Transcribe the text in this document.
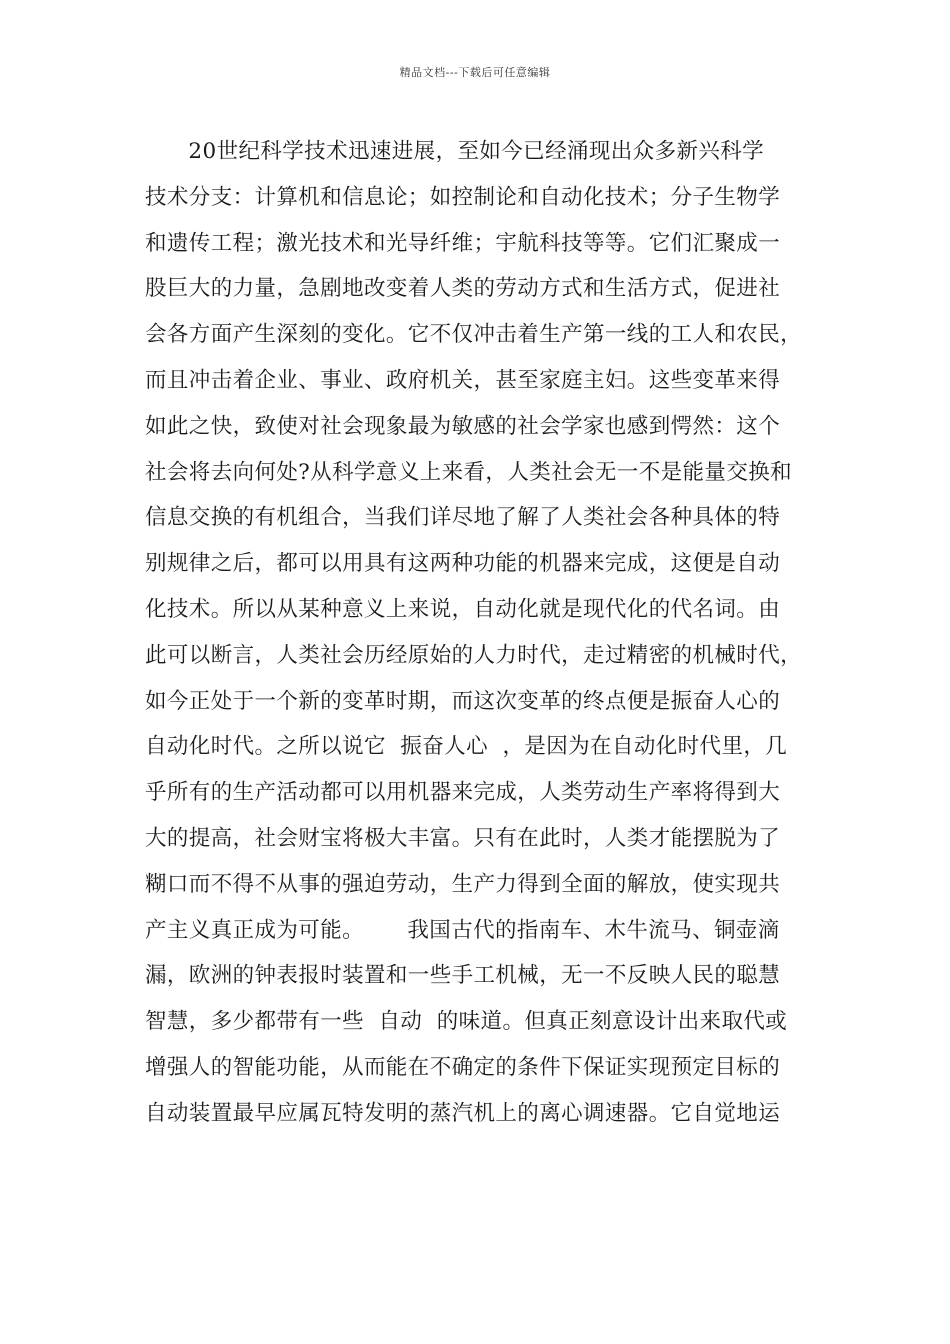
精品文档---下载后可任意编辑
20世纪科学技术迅速进展，至如今已经涌现出众多新兴科学
技术分支：计算机和信息论；如控制论和自动化技术；分子生物学
和遗传工程；激光技术和光导纤维；宇航科技等等。它们汇聚成一
股巨大的力量，急剧地改变着人类的劳动方式和生活方式，促进社
会各方面产生深刻的变化。它不仅冲击着生产第一线的工人和农民，
而且冲击着企业、事业、政府机关，甚至家庭主妇。这些变革来得
如此之快，致使对社会现象最为敏感的社会学家也感到愕然：这个
社会将去向何处?从科学意义上来看，人类社会无一不是能量交换和
信息交换的有机组合，当我们详尽地了解了人类社会各种具体的特
别规律之后，都可以用具有这两种功能的机器来完成，这便是自动
化技术。所以从某种意义上来说，自动化就是现代化的代名词。由
此可以断言，人类社会历经原始的人力时代，走过精密的机械时代，
如今正处于一个新的变革时期，而这次变革的终点便是振奋人心的
自动化时代。之所以说它  振奋人心  ，是因为在自动化时代里，几
乎所有的生产活动都可以用机器来完成，人类劳动生产率将得到大
大的提高，社会财宝将极大丰富。只有在此时，人类才能摆脱为了
糊口而不得不从事的强迫劳动，生产力得到全面的解放，使实现共
产主义真正成为可能。      我国古代的指南车、木牛流马、铜壶滴
漏，欧洲的钟表报时装置和一些手工机械，无一不反映人民的聪慧
智慧，多少都带有一些  自动  的味道。但真正刻意设计出来取代或
增强人的智能功能，从而能在不确定的条件下保证实现预定目标的
自动装置最早应属瓦特发明的蒸汽机上的离心调速器。它自觉地运
